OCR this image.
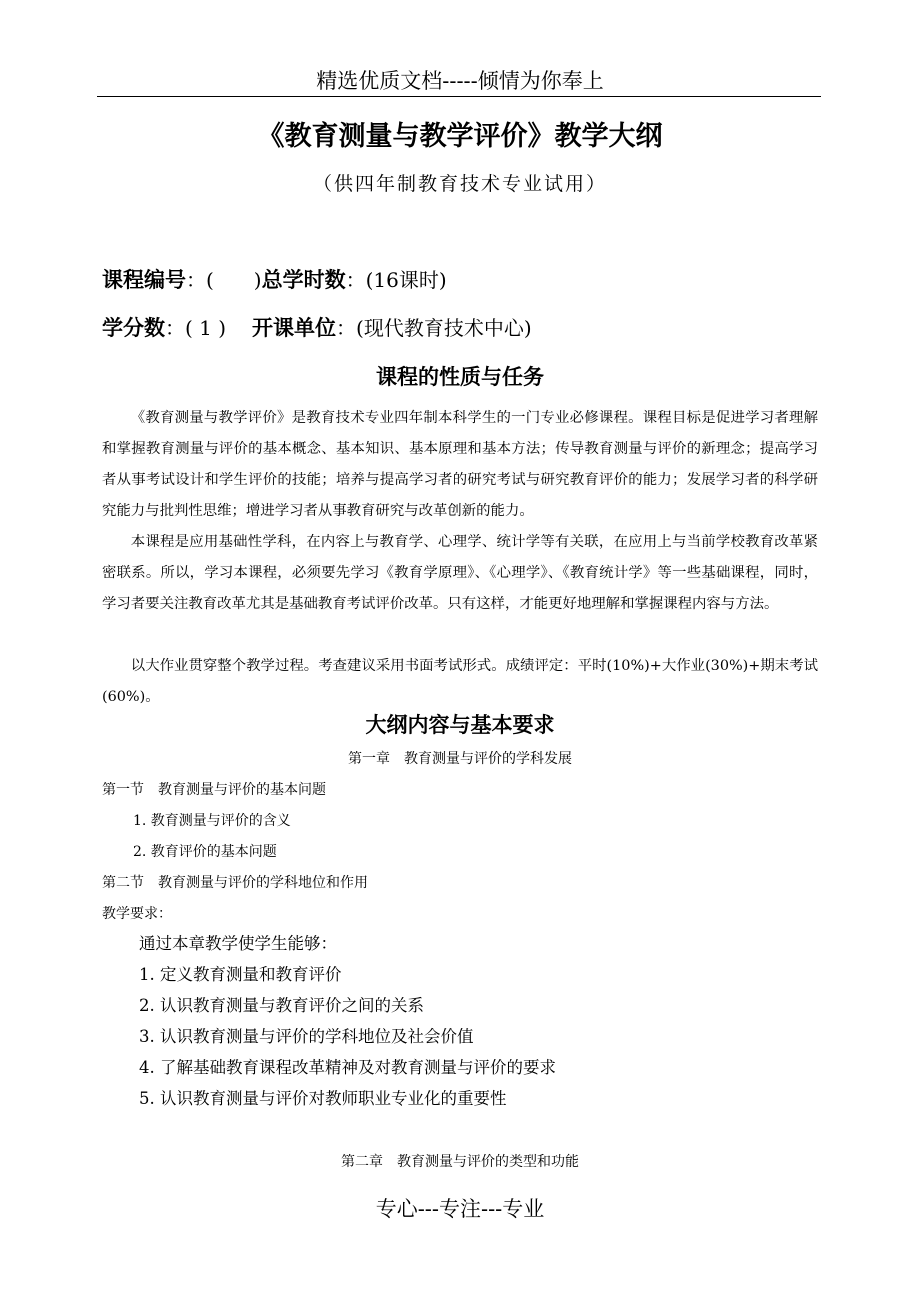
精选优质文档-----倾情为你奉上
《教育测量与教学评价》教学大纲
（供四年制教育技术专业试用）
课程编号：(　　)总学时数：(16课时)
学分数：( 1 ) 开课单位：(现代教育技术中心)
课程的性质与任务
《教育测量与教学评价》是教育技术专业四年制本科学生的一门专业必修课程。课程目标是促进学习者理解和掌握教育测量与评价的基本概念、基本知识、基本原理和基本方法；传导教育测量与评价的新理念；提高学习者从事考试设计和学生评价的技能；培养与提高学习者的研究考试与研究教育评价的能力；发展学习者的科学研究能力与批判性思维；增进学习者从事教育研究与改革创新的能力。
本课程是应用基础性学科，在内容上与教育学、心理学、统计学等有关联，在应用上与当前学校教育改革紧密联系。所以，学习本课程，必须要先学习《教育学原理》、《心理学》、《教育统计学》等一些基础课程，同时，学习者要关注教育改革尤其是基础教育考试评价改革。只有这样，才能更好地理解和掌握课程内容与方法。
以大作业贯穿整个教学过程。考查建议采用书面考试形式。成绩评定：平时(10%)+大作业(30%)+期末考试(60%)。
大纲内容与基本要求
第一章　教育测量与评价的学科发展
第一节　教育测量与评价的基本问题
1. 教育测量与评价的含义
2. 教育评价的基本问题
第二节　教育测量与评价的学科地位和作用
教学要求：
通过本章教学使学生能够：
1. 定义教育测量和教育评价
2. 认识教育测量与教育评价之间的关系
3. 认识教育测量与评价的学科地位及社会价值
4. 了解基础教育课程改革精神及对教育测量与评价的要求
5. 认识教育测量与评价对教师职业专业化的重要性
第二章　教育测量与评价的类型和功能
专心---专注---专业
